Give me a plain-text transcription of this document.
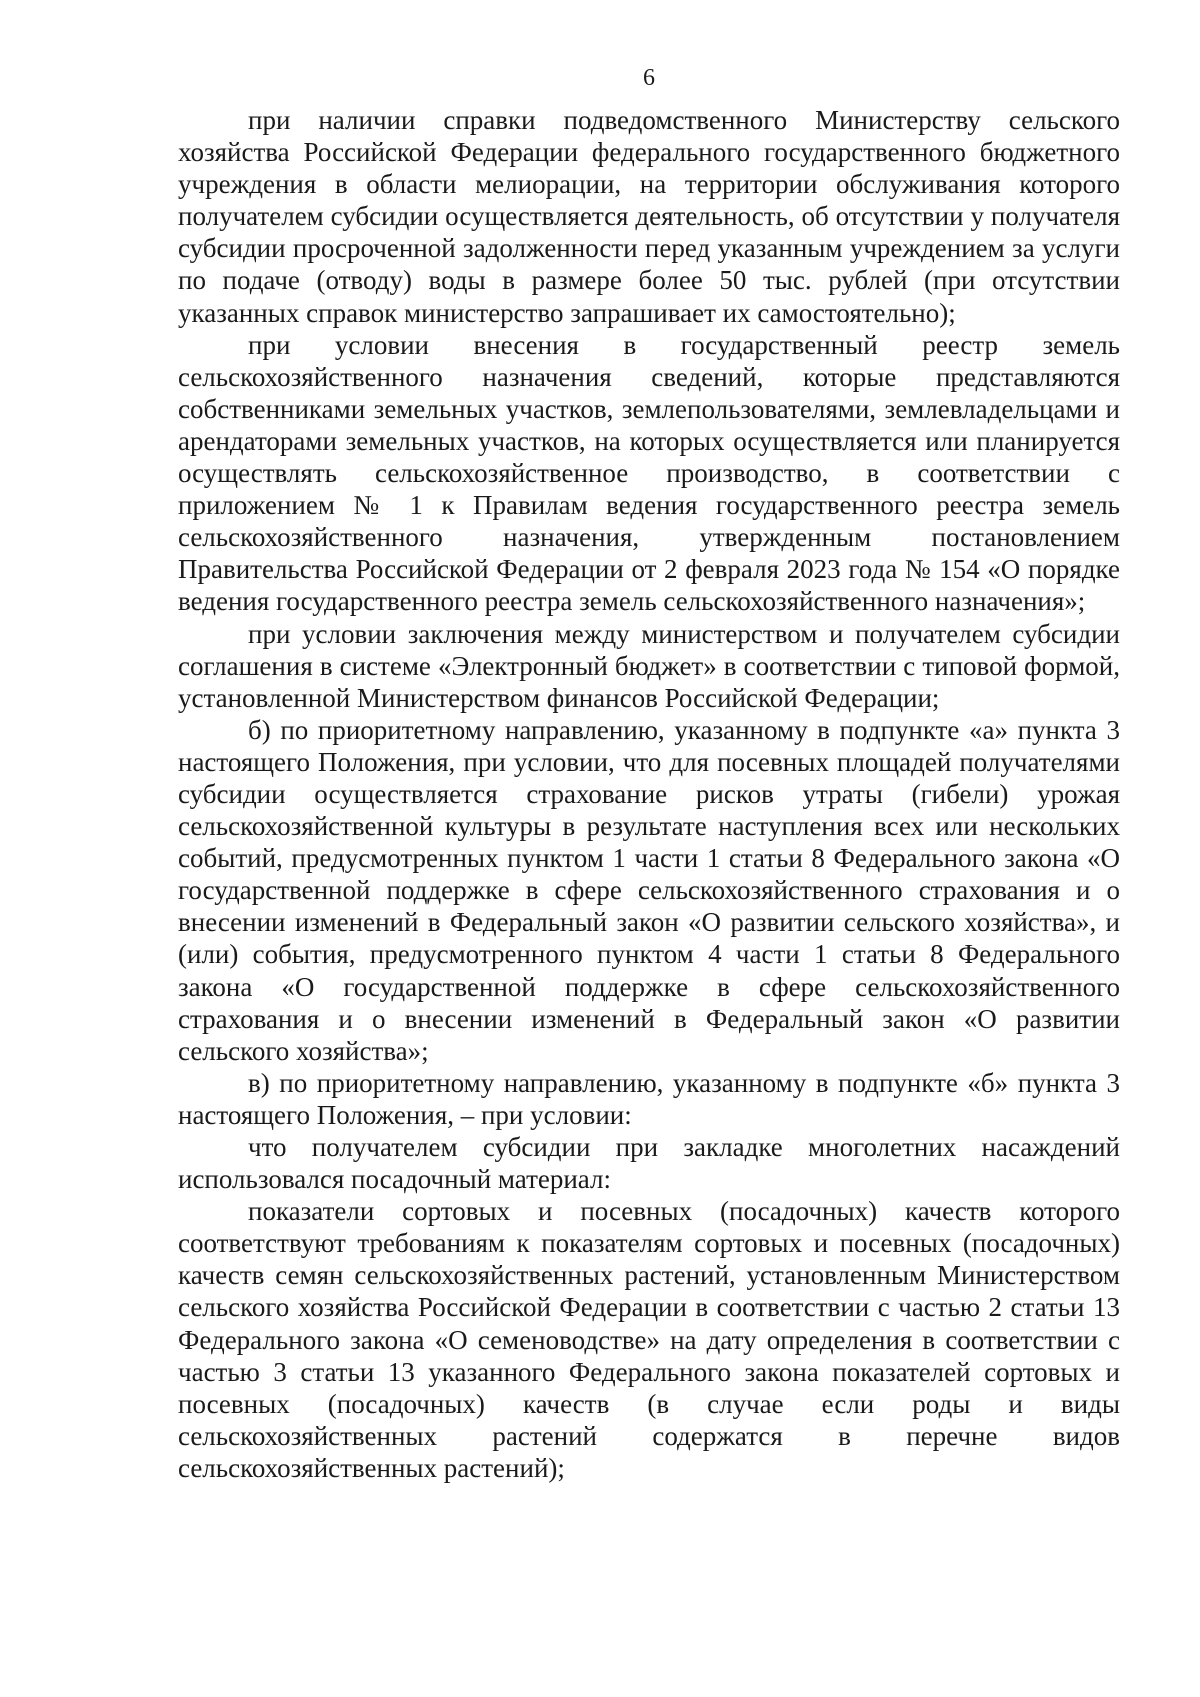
6

при наличии справки подведомственного Министерству сельского хозяйства Российской Федерации федерального государственного бюджетного учреждения в области мелиорации, на территории обслуживания которого получателем субсидии осуществляется деятельность, об отсутствии у получателя субсидии просроченной задолженности перед указанным учреждением за услуги по подаче (отводу) воды в размере более 50 тыс. рублей (при отсутствии указанных справок министерство запрашивает их самостоятельно);

при условии внесения в государственный реестр земель сельскохозяйственного назначения сведений, которые представляются собственниками земельных участков, землепользователями, землевладельцами и арендаторами земельных участков, на которых осуществляется или планируется осуществлять сельскохозяйственное производство, в соответствии с приложением № 1 к Правилам ведения государственного реестра земель сельскохозяйственного назначения, утвержденным постановлением Правительства Российской Федерации от 2 февраля 2023 года № 154 «О порядке ведения государственного реестра земель сельскохозяйственного назначения»;

при условии заключения между министерством и получателем субсидии соглашения в системе «Электронный бюджет» в соответствии с типовой формой, установленной Министерством финансов Российской Федерации;

б) по приоритетному направлению, указанному в подпункте «а» пункта 3 настоящего Положения, при условии, что для посевных площадей получателями субсидии осуществляется страхование рисков утраты (гибели) урожая сельскохозяйственной культуры в результате наступления всех или нескольких событий, предусмотренных пунктом 1 части 1 статьи 8 Федерального закона «О государственной поддержке в сфере сельскохозяйственного страхования и о внесении изменений в Федеральный закон «О развитии сельского хозяйства», и (или) события, предусмотренного пунктом 4 части 1 статьи 8 Федерального закона «О государственной поддержке в сфере сельскохозяйственного страхования и о внесении изменений в Федеральный закон «О развитии сельского хозяйства»;

в) по приоритетному направлению, указанному в подпункте «б» пункта 3 настоящего Положения, – при условии:

что получателем субсидии при закладке многолетних насаждений использовался посадочный материал:

показатели сортовых и посевных (посадочных) качеств которого соответствуют требованиям к показателям сортовых и посевных (посадочных) качеств семян сельскохозяйственных растений, установленным Министерством сельского хозяйства Российской Федерации в соответствии с частью 2 статьи 13 Федерального закона «О семеноводстве» на дату определения в соответствии с частью 3 статьи 13 указанного Федерального закона показателей сортовых и посевных (посадочных) качеств (в случае если роды и виды сельскохозяйственных растений содержатся в перечне видов сельскохозяйственных растений);
